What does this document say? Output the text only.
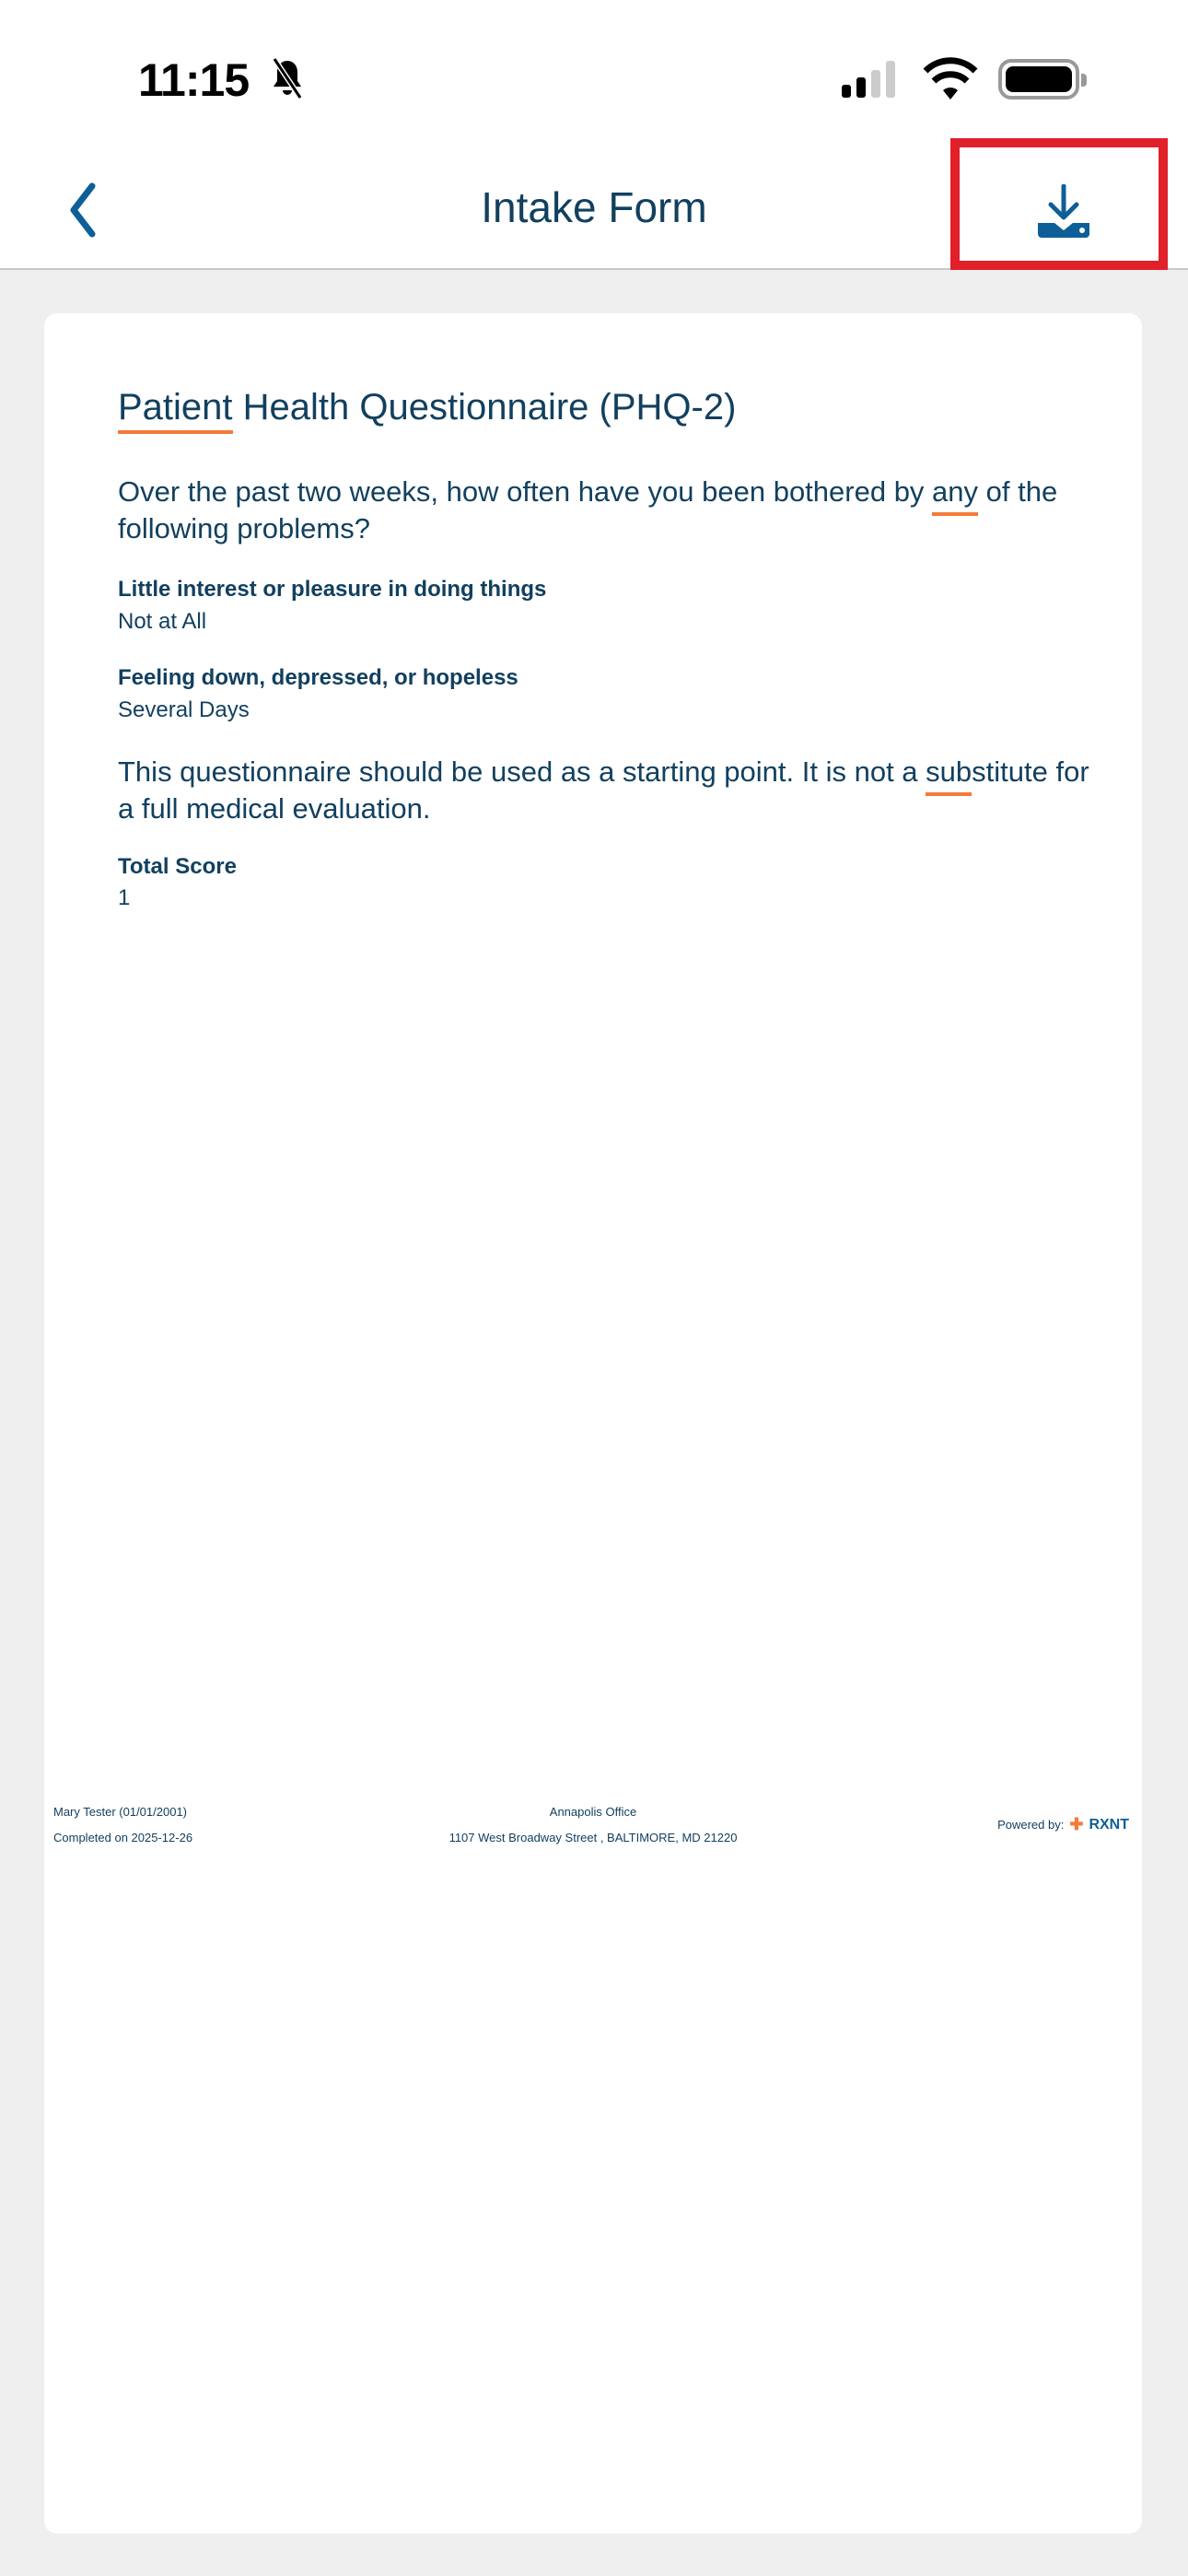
11:15
Intake Form
Patient Health Questionnaire (PHQ-2)
Over the past two weeks, how often have you been bothered by any of the following problems?
Little interest or pleasure in doing things
Not at All
Feeling down, depressed, or hopeless
Several Days
This questionnaire should be used as a starting point. It is not a substitute for a full medical evaluation.
Total Score
1
Mary Tester (01/01/2001)
Completed on 2025-12-26
Annapolis Office
1107 West Broadway Street , BALTIMORE, MD 21220
Powered by: ✚ RXNT
